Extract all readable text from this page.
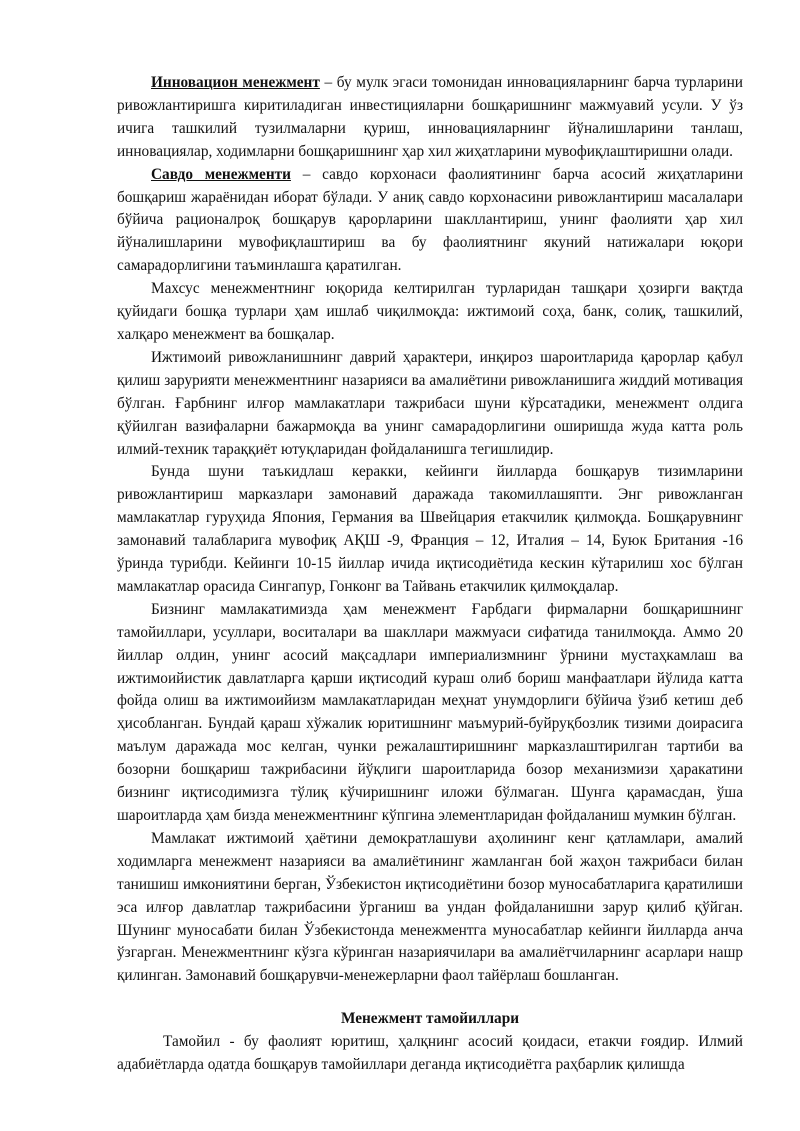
Инновацион менежмент – бу мулк эгаси томонидан инновацияларнинг барча турларини ривожлантиришга киритиладиган инвестицияларни бошқаришнинг мажмуавий усули. У ўз ичига ташкилий тузилмаларни қуриш, инновацияларнинг йўналишларини танлаш, инновациялар, ходимларни бошқаришнинг ҳар хил жиҳатларини мувофиқлаштиришни олади.

Савдо менежменти – савдо корхонаси фаолиятининг барча асосий жиҳатларини бошқариш жараёнидан иборат бўлади. У аниқ савдо корхонасини ривожлантириш масалалари бўйича рационалроқ бошқарув қарорларини шакллантириш, унинг фаолияти ҳар хил йўналишларини мувофиқлаштириш ва бу фаолиятнинг якуний натижалари юқори самарадорлигини таъминлашга қаратилган.

Махсус менежментнинг юқорида келтирилган турларидан ташқари ҳозирги вақтда қуйидаги бошқа турлари ҳам ишлаб чиқилмоқда: ижтимоий соҳа, банк, солиқ, ташкилий, халқаро менежмент ва бошқалар.

Ижтимоий ривожланишнинг даврий ҳарактери, инқироз шароитларида қарорлар қабул қилиш зарурияти менежментнинг назарияси ва амалиётини ривожланишига жиддий мотивация бўлган. Ғарбнинг илғор мамлакатлари тажрибаси шуни кўрсатадики, менежмент олдига қўйилган вазифаларни бажармоқда ва унинг самарадорлигини оширишда жуда катта роль илмий-техник тараққиёт ютуқларидан фойдаланишга тегишлидир.

Бунда шуни таъкидлаш керакки, кейинги йилларда бошқарув тизимларини ривожлантириш марказлари замонавий даражада такомиллашяпти. Энг ривожланган мамлакатлар гуруҳида Япония, Германия ва Швейцария етакчилик қилмоқда. Бошқарувнинг замонавий талабларига мувофиқ АҚШ -9, Франция – 12, Италия – 14, Буюк Британия -16 ўринда турибди. Кейинги 10-15 йиллар ичида иқтисодиётида кескин кўтарилиш хос бўлган мамлакатлар орасида Сингапур, Гонконг ва Тайвань етакчилик қилмоқдалар.

Бизнинг мамлакатимизда ҳам менежмент Ғарбдаги фирмаларни бошқаришнинг тамойиллари, усуллари, воситалари ва шакллари мажмуаси сифатида танилмоқда. Аммо 20 йиллар олдин, унинг асосий мақсадлари империализмнинг ўрнини мустаҳкамлаш ва ижтимоийистик давлатларга қарши иқтисодий кураш олиб бориш манфаатлари йўлида катта фойда олиш ва ижтимоийизм мамлакатларидан меҳнат унумдорлиги бўйича ўзиб кетиш деб ҳисобланган. Бундай қараш хўжалик юритишнинг маъмурий-буйруқбозлик тизими доирасига маълум даражада мос келган, чунки режалаштиришнинг марказлаштирилган тартиби ва бозорни бошқариш тажрибасини йўқлиги шароитларида бозор механизмизи ҳаракатини бизнинг иқтисодимизга тўлиқ кўчиришнинг иложи бўлмаган. Шунга қарамасдан, ўша шароитларда ҳам бизда менежментнинг кўпгина элементларидан фойдаланиш мумкин бўлган.

Мамлакат ижтимоий ҳаётини демократлашуви аҳолининг кенг қатламлари, амалий ходимларга менежмент назарияси ва амалиётининг жамланган бой жаҳон тажрибаси билан танишиш имкониятини берган, Ўзбекистон иқтисодиётини бозор муносабатларига қаратилиши эса илғор давлатлар тажрибасини ўрганиш ва ундан фойдаланишни зарур қилиб қўйган. Шунинг муносабати билан Ўзбекистонда менежментга муносабатлар кейинги йилларда анча ўзгарган. Менежментнинг кўзга кўринган назариячилари ва амалиётчиларнинг асарлари нашр қилинган. Замонавий бошқарувчи-менежерларни фаол тайёрлаш бошланган.

Менежмент тамойиллари

Тамойил - бу фаолият юритиш, ҳалқнинг асосий қоидаси, етакчи ғоядир. Илмий адабиётларда одатда бошқарув тамойиллари деганда иқтисодиётга раҳбарлик қилишда
